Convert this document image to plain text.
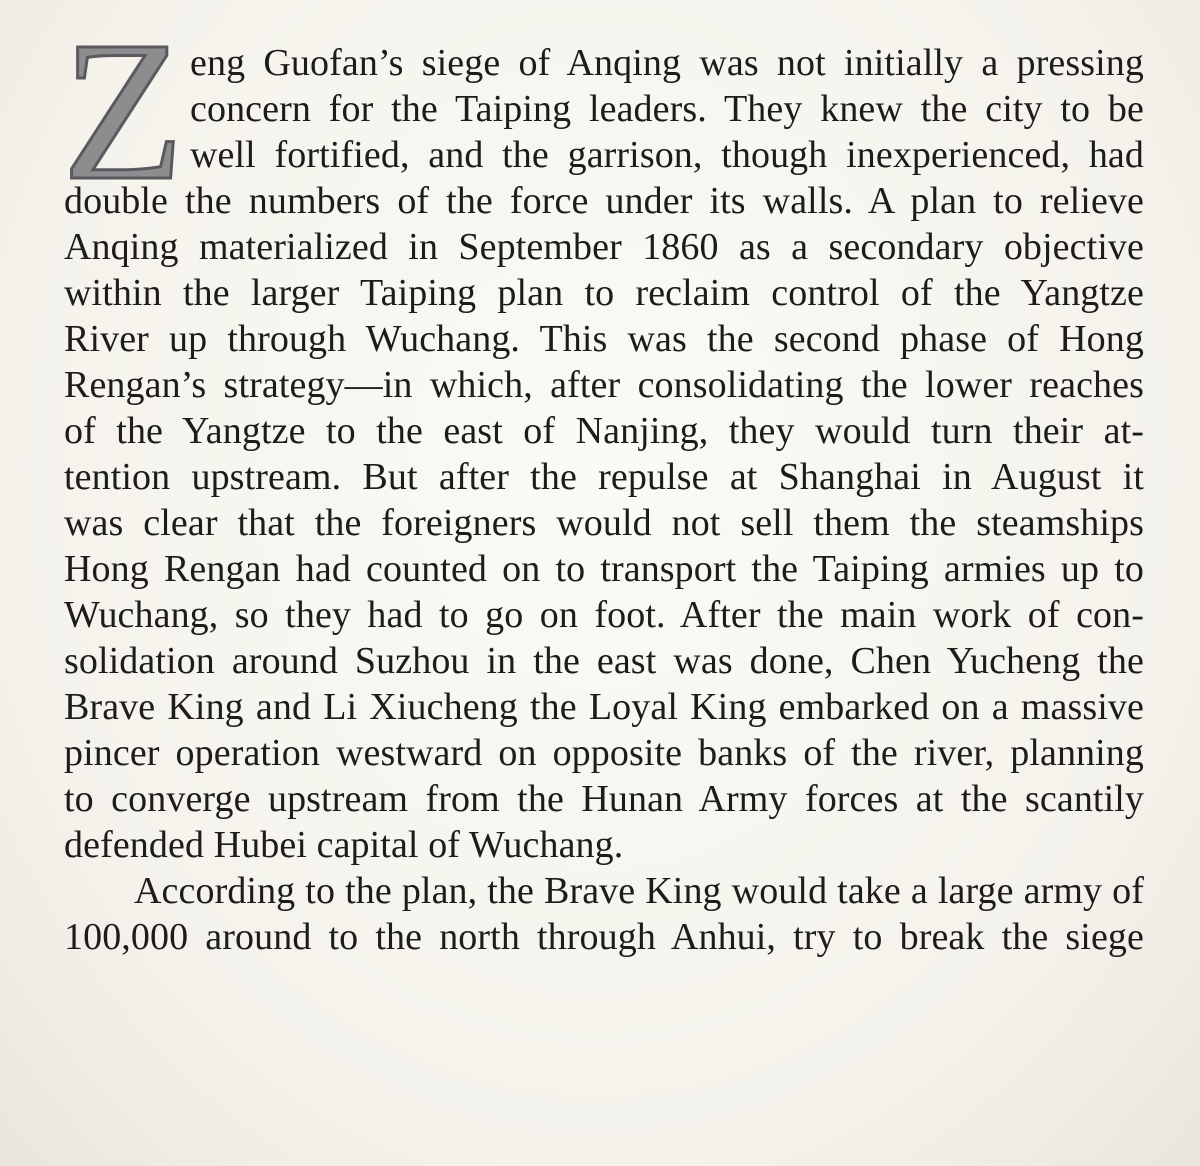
Z eng Guofan’s siege of Anqing was not initially a pressing
concern for the Taiping leaders. They knew the city to be
well fortified, and the garrison, though inexperienced, had
double the numbers of the force under its walls. A plan to relieve
Anqing materialized in September 1860 as a secondary objective
within the larger Taiping plan to reclaim control of the Yangtze
River up through Wuchang. This was the second phase of Hong
Rengan’s strategy—in which, after consolidating the lower reaches
of the Yangtze to the east of Nanjing, they would turn their at-
tention upstream. But after the repulse at Shanghai in August it
was clear that the foreigners would not sell them the steamships
Hong Rengan had counted on to transport the Taiping armies up to
Wuchang, so they had to go on foot. After the main work of con-
solidation around Suzhou in the east was done, Chen Yucheng the
Brave King and Li Xiucheng the Loyal King embarked on a massive
pincer operation westward on opposite banks of the river, planning
to converge upstream from the Hunan Army forces at the scantily
defended Hubei capital of Wuchang.
According to the plan, the Brave King would take a large army of
100,000 around to the north through Anhui, try to break the siege
